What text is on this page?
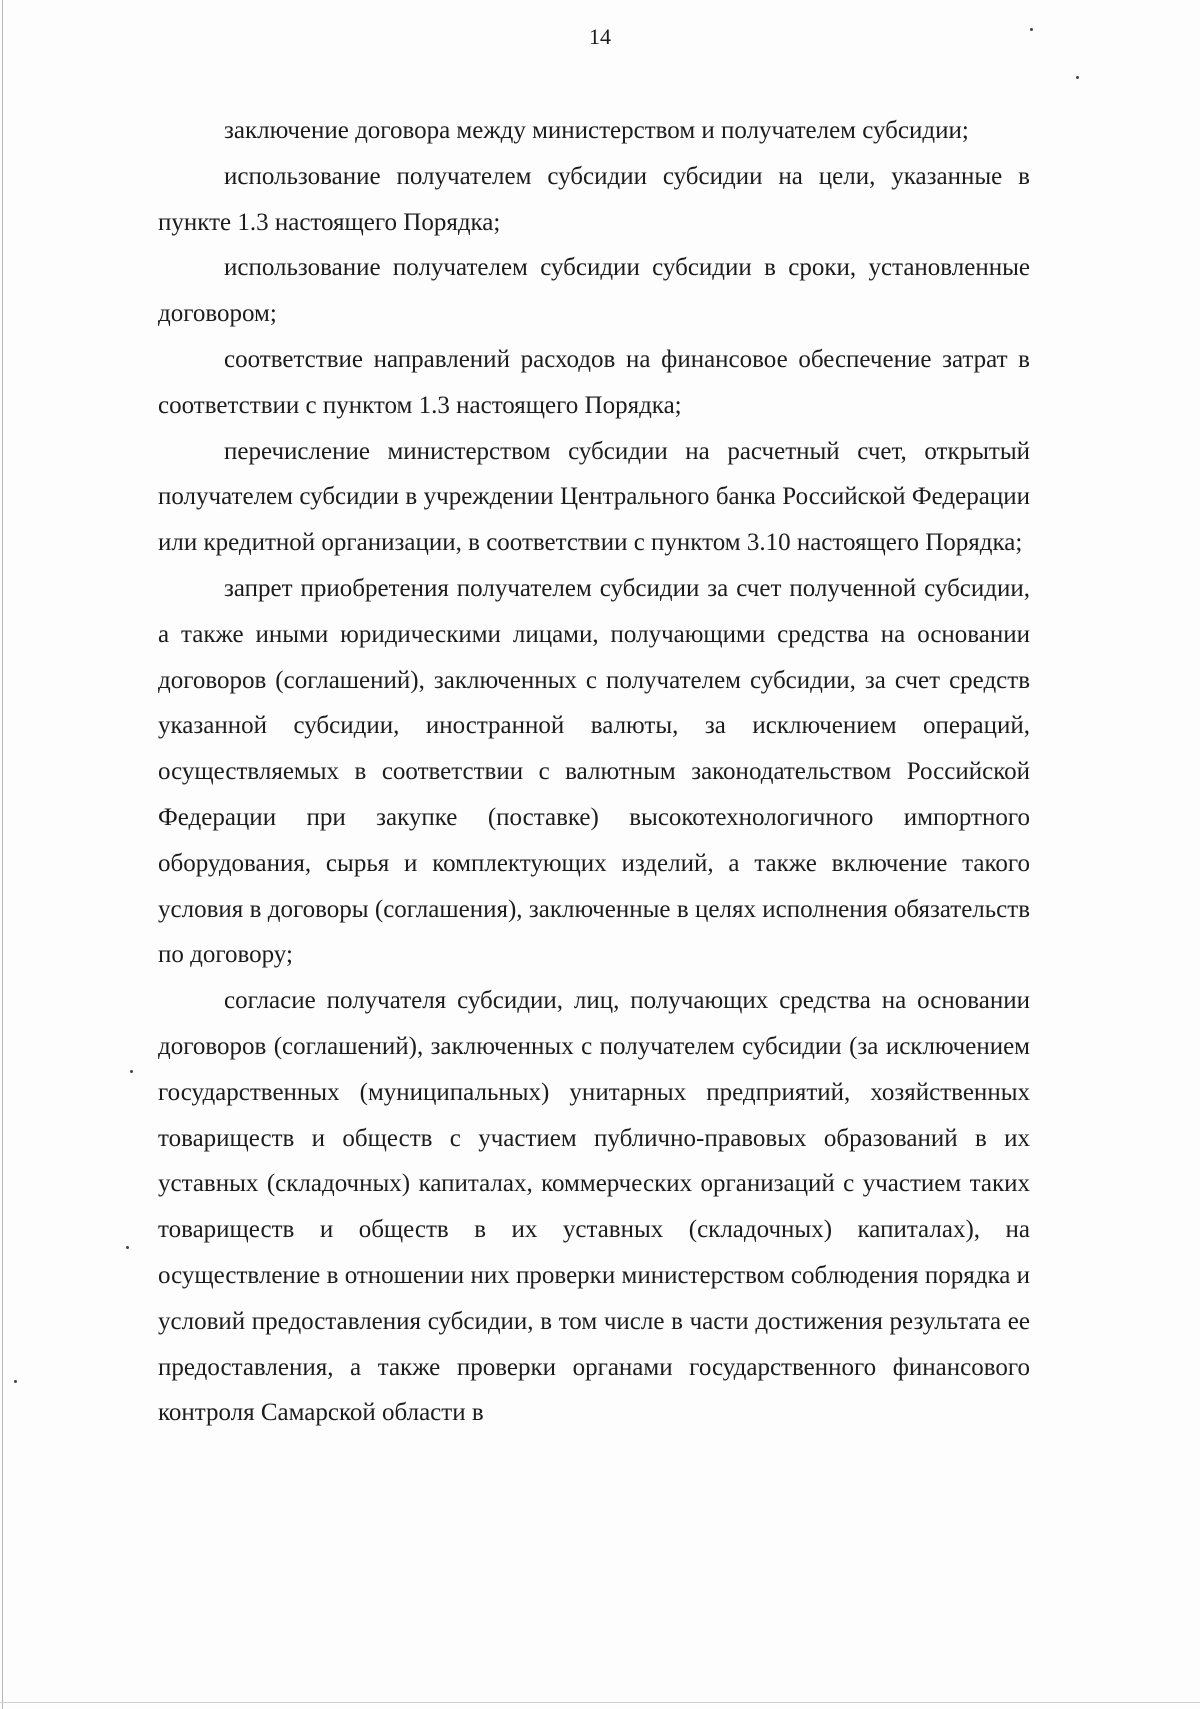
14

заключение договора между министерством и получателем субсидии;

использование получателем субсидии субсидии на цели, указанные в пункте 1.3 настоящего Порядка;

использование получателем субсидии субсидии в сроки, установленные договором;

соответствие направлений расходов на финансовое обеспечение затрат в соответствии с пунктом 1.3 настоящего Порядка;

перечисление министерством субсидии на расчетный счет, открытый получателем субсидии в учреждении Центрального банка Российской Федерации или кредитной организации, в соответствии с пунктом 3.10 настоящего Порядка;

запрет приобретения получателем субсидии за счет полученной субсидии, а также иными юридическими лицами, получающими средства на основании договоров (соглашений), заключенных с получателем субсидии, за счет средств указанной субсидии, иностранной валюты, за исключением операций, осуществляемых в соответствии с валютным законодательством Российской Федерации при закупке (поставке) высокотехнологичного импортного оборудования, сырья и комплектующих изделий, а также включение такого условия в договоры (соглашения), заключенные в целях исполнения обязательств по договору;

согласие получателя субсидии, лиц, получающих средства на основании договоров (соглашений), заключенных с получателем субсидии (за исключением государственных (муниципальных) унитарных предприятий, хозяйственных товариществ и обществ с участием публично-правовых образований в их уставных (складочных) капиталах, коммерческих организаций с участием таких товариществ и обществ в их уставных (складочных) капиталах), на осуществление в отношении них проверки министерством соблюдения порядка и условий предоставления субсидии, в том числе в части достижения результата ее предоставления, а также проверки органами государственного финансового контроля Самарской области в
